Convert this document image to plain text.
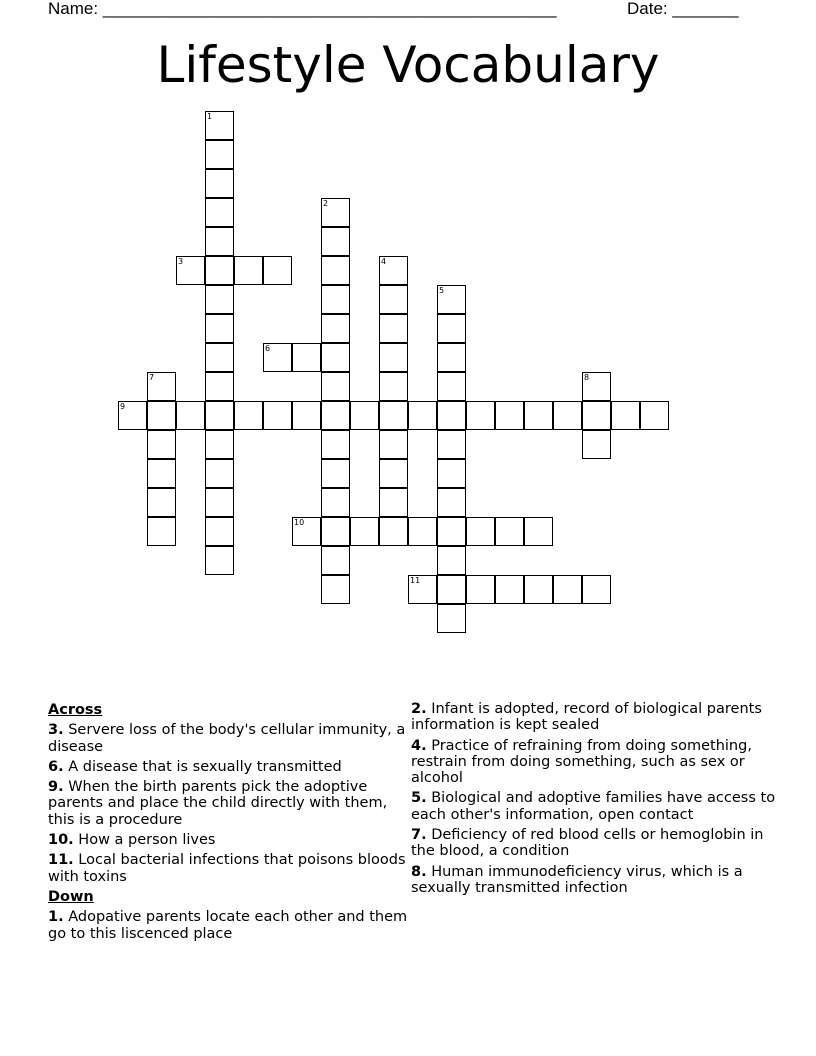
Name: ________________________________________________	Date: _______
Lifestyle Vocabulary
1
2
3	4
5
6
7	8
9
10
11
Across
3. Servere loss of the body's cellular immunity, a disease
6. A disease that is sexually transmitted
9. When the birth parents pick the adoptive parents and place the child directly with them, this is a procedure
10. How a person lives
11. Local bacterial infections that poisons bloods with toxins
Down
1. Adopative parents locate each other and them go to this liscenced place
2. Infant is adopted, record of biological parents information is kept sealed
4. Practice of refraining from doing something, restrain from doing something, such as sex or alcohol
5. Biological and adoptive families have access to each other's information, open contact
7. Deficiency of red blood cells or hemoglobin in the blood, a condition
8. Human immunodeficiency virus, which is a sexually transmitted infection
